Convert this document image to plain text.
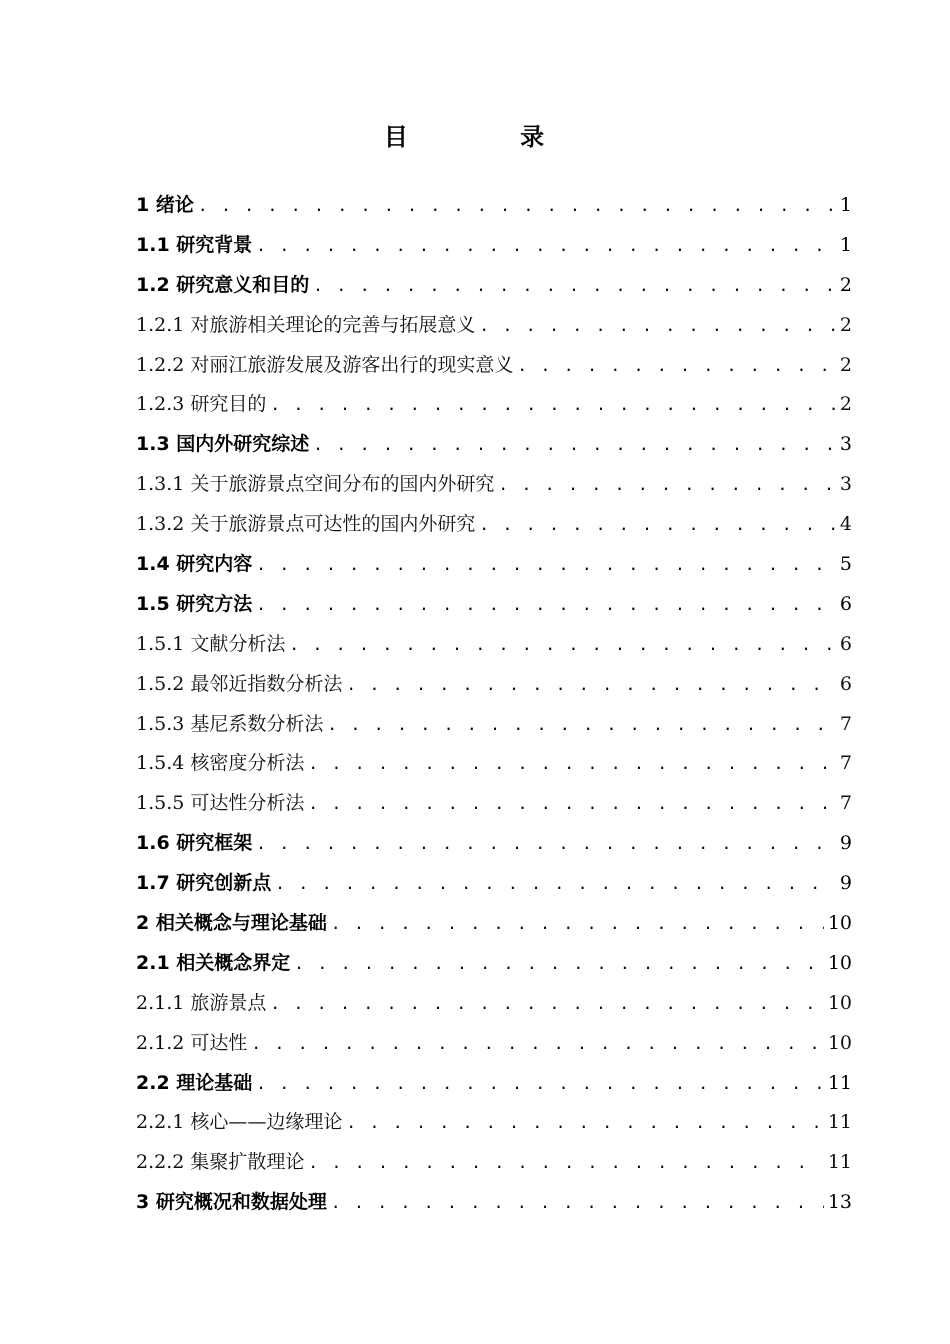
目 录
1 绪论 . . .	1
1.1 研究背景 . . .	1
1.2 研究意义和目的 . . .	2
1.2.1 对旅游相关理论的完善与拓展意义 . . .	2
1.2.2 对丽江旅游发展及游客出行的现实意义 . . .	2
1.2.3 研究目的 . . .	2
1.3 国内外研究综述 . . .	3
1.3.1 关于旅游景点空间分布的国内外研究 . . .	3
1.3.2 关于旅游景点可达性的国内外研究 . . .	4
1.4 研究内容 . . .	5
1.5 研究方法 . . .	6
1.5.1 文献分析法 . . .	6
1.5.2 最邻近指数分析法 . . .	6
1.5.3 基尼系数分析法 . . .	7
1.5.4 核密度分析法 . . .	7
1.5.5 可达性分析法 . . .	7
1.6 研究框架 . . .	9
1.7 研究创新点 . . .	9
2 相关概念与理论基础 . . .	10
2.1 相关概念界定 . . .	10
2.1.1 旅游景点 . . .	10
2.1.2 可达性 . . .	10
2.2 理论基础 . . .	11
2.2.1 核心——边缘理论 . . .	11
2.2.2 集聚扩散理论 . . .	11
3 研究概况和数据处理 . . .	13
